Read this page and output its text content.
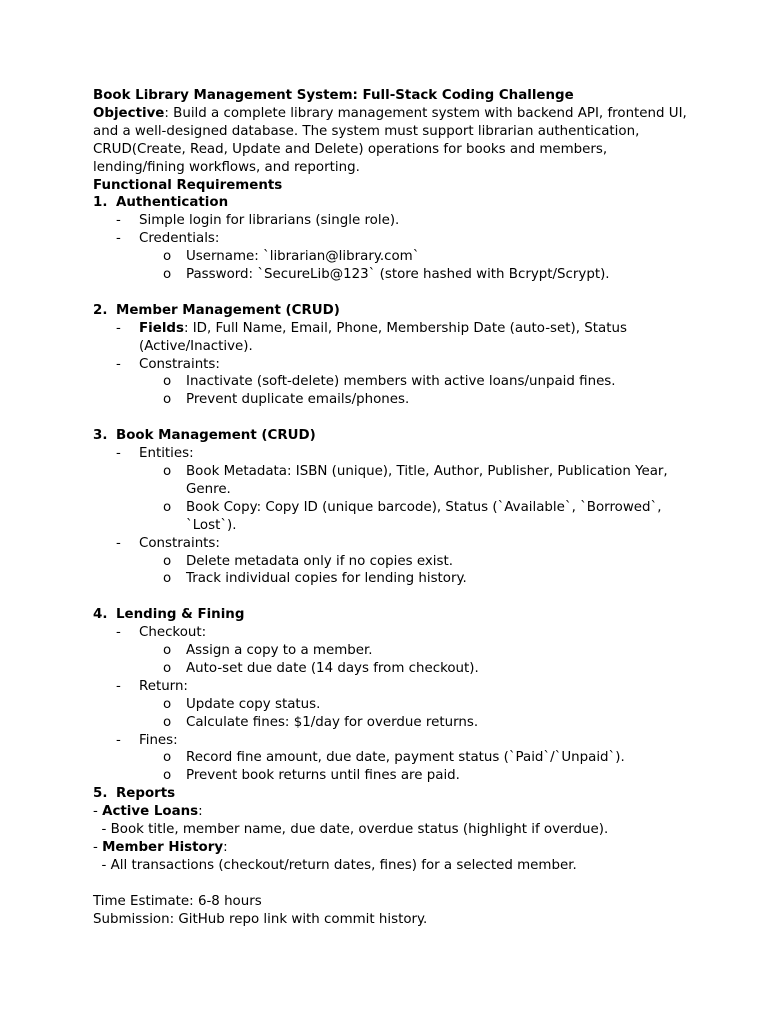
Book Library Management System: Full-Stack Coding Challenge
Objective: Build a complete library management system with backend API, frontend UI,
and a well-designed database. The system must support librarian authentication,
CRUD(Create, Read, Update and Delete) operations for books and members,
lending/fining workflows, and reporting.
Functional Requirements
1. Authentication
-	Simple login for librarians (single role).
-	Credentials:
o	Username: `librarian@library.com`
o	Password: `SecureLib@123` (store hashed with Bcrypt/Scrypt).
2. Member Management (CRUD)
-	Fields: ID, Full Name, Email, Phone, Membership Date (auto-set), Status
(Active/Inactive).
-	Constraints:
o	Inactivate (soft-delete) members with active loans/unpaid fines.
o	Prevent duplicate emails/phones.
3. Book Management (CRUD)
-	Entities:
o	Book Metadata: ISBN (unique), Title, Author, Publisher, Publication Year,
Genre.
o	Book Copy: Copy ID (unique barcode), Status (`Available`, `Borrowed`,
`Lost`).
-	Constraints:
o	Delete metadata only if no copies exist.
o	Track individual copies for lending history.
4. Lending & Fining
-	Checkout:
o	Assign a copy to a member.
o	Auto-set due date (14 days from checkout).
-	Return:
o	Update copy status.
o	Calculate fines: $1/day for overdue returns.
-	Fines:
o	Record fine amount, due date, payment status (`Paid`/`Unpaid`).
o	Prevent book returns until fines are paid.
5. Reports
- Active Loans:
- Book title, member name, due date, overdue status (highlight if overdue).
- Member History:
- All transactions (checkout/return dates, fines) for a selected member.
Time Estimate: 6-8 hours
Submission: GitHub repo link with commit history.
